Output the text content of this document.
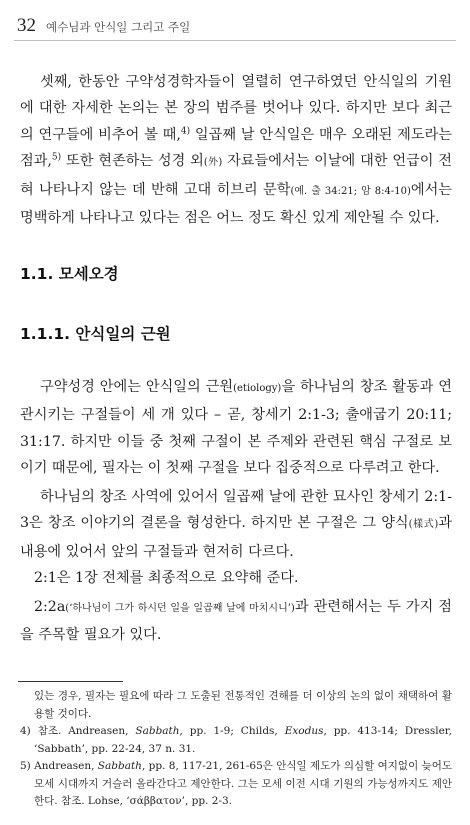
32 예수님과 안식일 그리고 주일

셋째, 한동안 구약성경학자들이 열렬히 연구하였던 안식일의 기원에 대한 자세한 논의는 본 장의 범주를 벗어나 있다. 하지만 보다 최근의 연구들에 비추어 볼 때,$^{4)}$ 일곱째 날 안식일은 매우 오래된 제도라는 점과,$^{5)}$ 또한 현존하는 성경 외(外) 자료들에서는 이날에 대한 언급이 전혀 나타나지 않는 데 반해 고대 히브리 문학(예. 출 34:21; 암 8:4-10)에서는 명백하게 나타나고 있다는 점은 어느 정도 확신 있게 제안될 수 있다.

1.1. 모세오경
1.1.1. 안식일의 근원

구약성경 안에는 안식일의 근원(etiology)을 하나님의 창조 활동과 연관시키는 구절들이 세 개 있다 – 곧, 창세기 2:1-3; 출애굽기 20:11; 31:17. 하지만 이들 중 첫째 구절이 본 주제와 관련된 핵심 구절로 보이기 때문에, 필자는 이 첫째 구절을 보다 집중적으로 다루려고 한다.

하나님의 창조 사역에 있어서 일곱째 날에 관한 묘사인 창세기 2:1-3은 창조 이야기의 결론을 형성한다. 하지만 본 구절은 그 양식(樣式)과 내용에 있어서 앞의 구절들과 현저히 다르다.

2:1은 1장 전체를 최종적으로 요약해 준다.

2:2a(‘하나님이 그가 하시던 일을 일곱째 날에 마치시니’)과 관련해서는 두 가지 점을 주목할 필요가 있다.

있는 경우, 필자는 필요에 따라 그 도출된 전통적인 견해를 더 이상의 논의 없이 채택하여 활용할 것이다.

4) 참조. Andreasen, Sabbath, pp. 1-9; Childs, Exodus, pp. 413-14; Dressler, ‘Sabbath’, pp. 22-24, 37 n. 31.

5) Andreasen, Sabbath, pp. 8, 117-21, 261-65은 안식일 제도가 의심할 여지없이 늦어도 모세 시대까지 거슬러 올라간다고 제안한다. 그는 모세 이전 시대 기원의 가능성까지도 제안한다. 참조. Lohse, ‘σάββατον’, pp. 2-3.
